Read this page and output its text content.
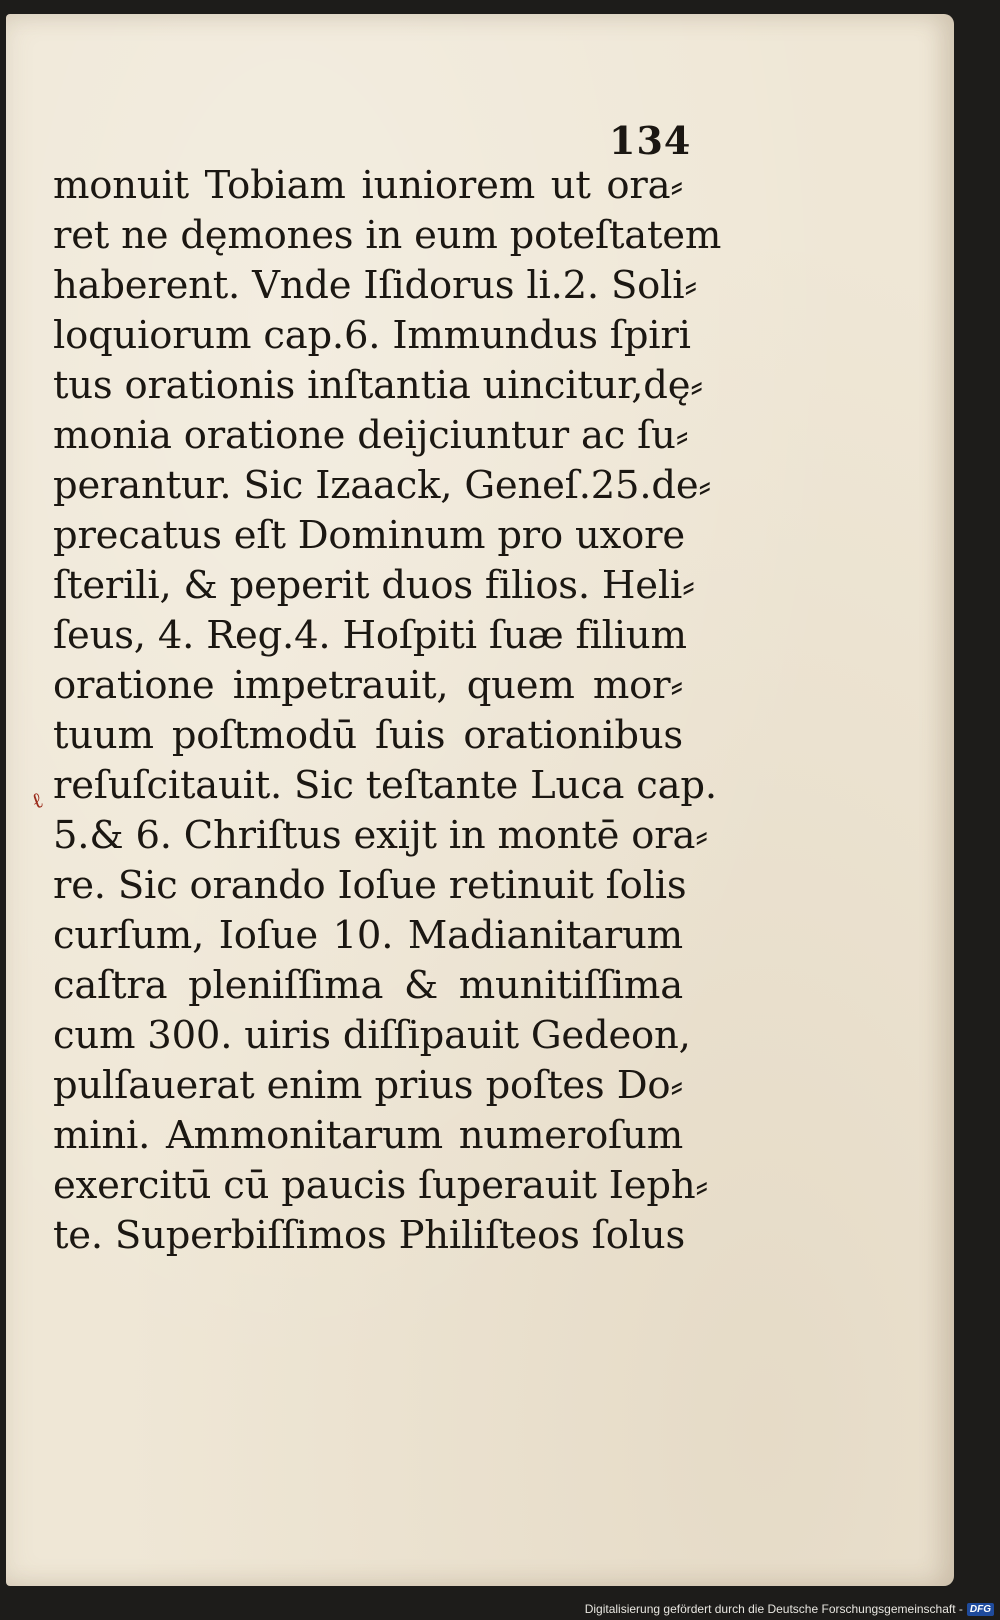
134
ℓ
monuit Tobiam iuniorem ut ora⸗
ret ne dęmones in eum poteſtatem
haberent. Vnde Iſidorus li.2. Soli⸗
loquiorum cap.6. Immundus ſpiri
tus orationis inſtantia uincitur,dę⸗
monia oratione deijciuntur ac ſu⸗
perantur. Sic Izaack, Geneſ.25.de⸗
precatus eſt Dominum pro uxore
ſterili, & peperit duos filios. Heli⸗
ſeus, 4. Reg.4. Hoſpiti ſuæ filium
oratione impetrauit, quem mor⸗
tuum poſtmodū ſuis orationibus
reſuſcitauit. Sic teſtante Luca cap.
5.& 6. Chriſtus exijt in montē ora⸗
re. Sic orando Ioſue retinuit ſolis
curſum, Ioſue 10. Madianitarum
caſtra pleniſſima & munitiſſima
cum 300. uiris diſſipauit Gedeon,
pulſauerat enim prius poſtes Do⸗
mini. Ammonitarum numeroſum
exercitū cū paucis ſuperauit Ieph⸗
te. Superbiſſimos Philiſteos ſolus
Digitalisierung gefördert durch die Deutsche Forschungsgemeinschaft - DFG
